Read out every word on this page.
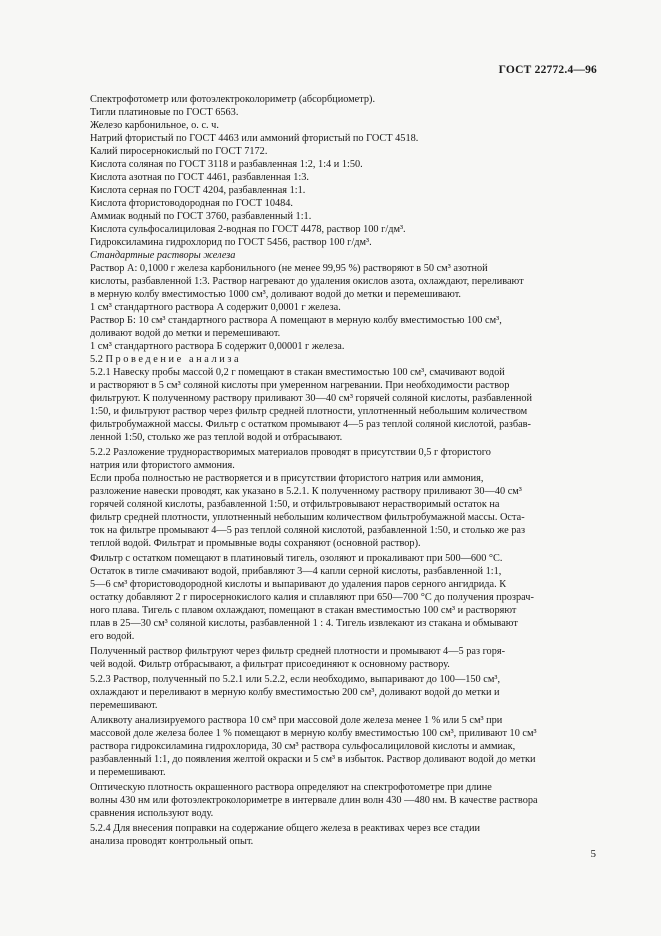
ГОСТ 22772.4—96
Спектрофотометр или фотоэлектроколориметр (абсорбциометр).
Тигли платиновые по ГОСТ 6563.
Железо карбонильное, о. с. ч.
Натрий фтористый по ГОСТ 4463 или аммоний фтористый по ГОСТ 4518.
Калий пиросернокислый по ГОСТ 7172.
Кислота соляная по ГОСТ 3118 и разбавленная 1:2, 1:4 и 1:50.
Кислота азотная по ГОСТ 4461, разбавленная 1:3.
Кислота серная по ГОСТ 4204, разбавленная 1:1.
Кислота фтористоводородная по ГОСТ 10484.
Аммиак водный по ГОСТ 3760, разбавленный 1:1.
Кислота сульфосалициловая 2-водная по ГОСТ 4478, раствор 100 г/дм³.
Гидроксиламина гидрохлорид по ГОСТ 5456, раствор 100 г/дм³.
Стандартные растворы железа
Раствор А: 0,1000 г железа карбонильного (не менее 99,95 %) растворяют в 50 см³ азотной
кислоты, разбавленной 1:3. Раствор нагревают до удаления окислов азота, охлаждают, переливают
в мерную колбу вместимостью 1000 см³, доливают водой до метки и перемешивают.
1 см³ стандартного раствора А содержит 0,0001 г железа.
Раствор Б: 10 см³ стандартного раствора А помещают в мерную колбу вместимостью 100 см³,
доливают водой до метки и перемешивают.
1 см³ стандартного раствора Б содержит 0,00001 г железа.
5.2 Проведение анализа
5.2.1 Навеску пробы массой 0,2 г помещают в стакан вместимостью 100 см³, смачивают водой
и растворяют в 5 см³ соляной кислоты при умеренном нагревании. При необходимости раствор
фильтруют. К полученному раствору приливают 30—40 см³ горячей соляной кислоты, разбавленной
1:50, и фильтруют раствор через фильтр средней плотности, уплотненный небольшим количеством
фильтробумажной массы. Фильтр с остатком промывают 4—5 раз теплой соляной кислотой, разбав-
ленной 1:50, столько же раз теплой водой и отбрасывают.
5.2.2 Разложение труднорастворимых материалов проводят в присутствии 0,5 г фтористого
натрия или фтористого аммония.
Если проба полностью не растворяется и в присутствии фтористого натрия или аммония,
разложение навески проводят, как указано в 5.2.1. К полученному раствору приливают 30—40 см³
горячей соляной кислоты, разбавленной 1:50, и отфильтровывают нерастворимый остаток на
фильтр средней плотности, уплотненный небольшим количеством фильтробумажной массы. Оста-
ток на фильтре промывают 4—5 раз теплой соляной кислотой, разбавленной 1:50, и столько же раз
теплой водой. Фильтрат и промывные воды сохраняют (основной раствор).
Фильтр с остатком помещают в платиновый тигель, озоляют и прокаливают при 500—600 °С.
Остаток в тигле смачивают водой, прибавляют 3—4 капли серной кислоты, разбавленной 1:1,
5—6 см³ фтористоводородной кислоты и выпаривают до удаления паров серного ангидрида. К
остатку добавляют 2 г пиросернокислого калия и сплавляют при 650—700 °С до получения прозрач-
ного плава. Тигель с плавом охлаждают, помещают в стакан вместимостью 100 см³ и растворяют
плав в 25—30 см³ соляной кислоты, разбавленной 1 : 4. Тигель извлекают из стакана и обмывают
его водой.
Полученный раствор фильтруют через фильтр средней плотности и промывают 4—5 раз горя-
чей водой. Фильтр отбрасывают, а фильтрат присоединяют к основному раствору.
5.2.3 Раствор, полученный по 5.2.1 или 5.2.2, если необходимо, выпаривают до 100—150 см³,
охлаждают и переливают в мерную колбу вместимостью 200 см³, доливают водой до метки и
перемешивают.
Аликвоту анализируемого раствора 10 см³ при массовой доле железа менее 1 % или 5 см³ при
массовой доле железа более 1 % помещают в мерную колбу вместимостью 100 см³, приливают 10 см³
раствора гидроксиламина гидрохлорида, 30 см³ раствора сульфосалициловой кислоты и аммиак,
разбавленный 1:1, до появления желтой окраски и 5 см³ в избыток. Раствор доливают водой до метки
и перемешивают.
Оптическую плотность окрашенного раствора определяют на спектрофотометре при длине
волны 430 нм или фотоэлектроколориметре в интервале длин волн 430 —480 нм. В качестве раствора
сравнения используют воду.
5.2.4 Для внесения поправки на содержание общего железа в реактивах через все стадии
анализа проводят контрольный опыт.
5
